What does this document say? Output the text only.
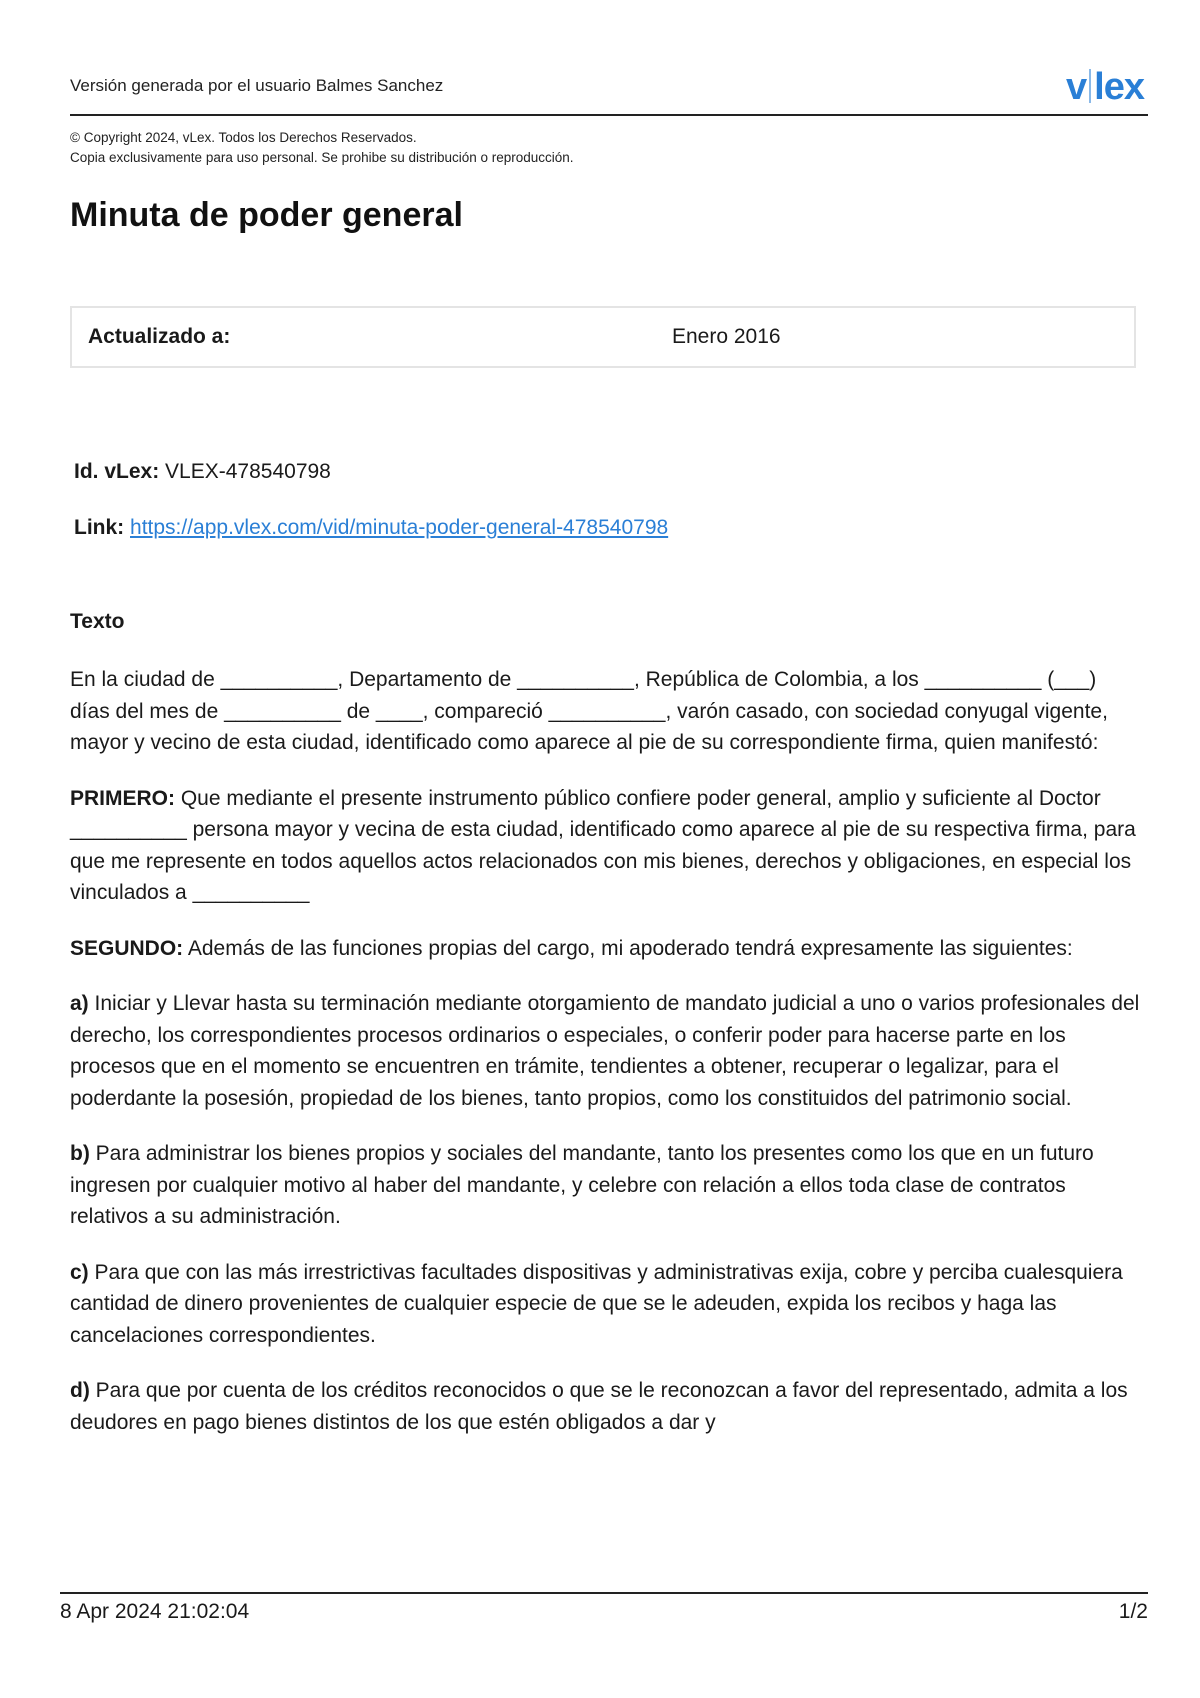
Versión generada por el usuario Balmes Sanchez	v lex
© Copyright 2024, vLex. Todos los Derechos Reservados.
Copia exclusivamente para uso personal. Se prohibe su distribución o reproducción.
Minuta de poder general
Actualizado a:	Enero 2016
Id. vLex: VLEX-478540798
Link: https://app.vlex.com/vid/minuta-poder-general-478540798
Texto

En la ciudad de __________, Departamento de __________, República de Colombia, a los __________ (___) días del mes de __________ de ____, compareció __________, varón casado, con sociedad conyugal vigente, mayor y vecino de esta ciudad, identificado como aparece al pie de su correspondiente firma, quien manifestó:

PRIMERO: Que mediante el presente instrumento público confiere poder general, amplio y suficiente al Doctor __________ persona mayor y vecina de esta ciudad, identificado como aparece al pie de su respectiva firma, para que me represente en todos aquellos actos relacionados con mis bienes, derechos y obligaciones, en especial los vinculados a __________

SEGUNDO: Además de las funciones propias del cargo, mi apoderado tendrá expresamente las siguientes:

a) Iniciar y Llevar hasta su terminación mediante otorgamiento de mandato judicial a uno o varios profesionales del derecho, los correspondientes procesos ordinarios o especiales, o conferir poder para hacerse parte en los procesos que en el momento se encuentren en trámite, tendientes a obtener, recuperar o legalizar, para el poderdante la posesión, propiedad de los bienes, tanto propios, como los constituidos del patrimonio social.

b) Para administrar los bienes propios y sociales del mandante, tanto los presentes como los que en un futuro ingresen por cualquier motivo al haber del mandante, y celebre con relación a ellos toda clase de contratos relativos a su administración.

c) Para que con las más irrestrictivas facultades dispositivas y administrativas exija, cobre y perciba cualesquiera cantidad de dinero provenientes de cualquier especie de que se le adeuden, expida los recibos y haga las cancelaciones correspondientes.

d) Para que por cuenta de los créditos reconocidos o que se le reconozcan a favor del representado, admita a los deudores en pago bienes distintos de los que estén obligados a dar y

8 Apr 2024 21:02:04	1/2
